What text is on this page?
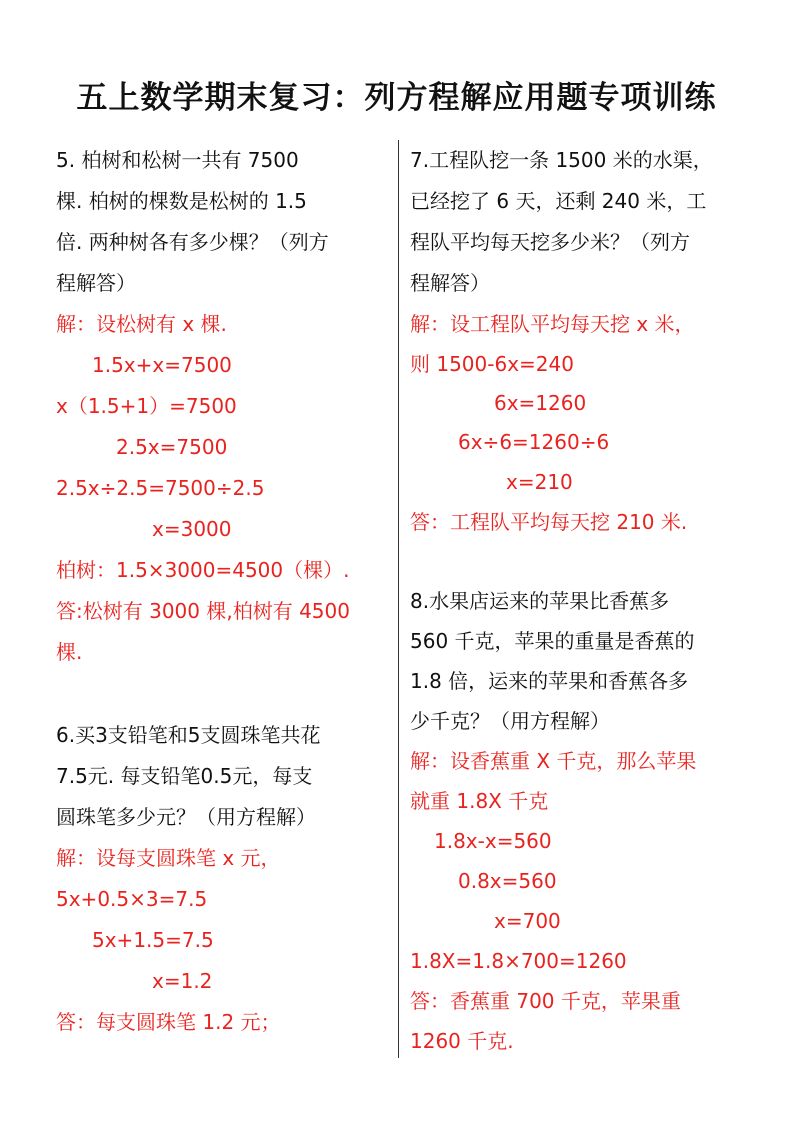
五上数学期末复习：列方程解应用题专项训练
5. 柏树和松树一共有 7500
棵. 柏树的棵数是松树的 1.5
倍. 两种树各有多少棵？（列方
程解答）
解：设松树有 x 棵.
1.5x+x=7500
x（1.5+1）=7500
2.5x=7500
2.5x÷2.5=7500÷2.5
x=3000
柏树：1.5×3000=4500（棵）.
答:松树有 3000 棵,柏树有 4500
棵.
6.买3支铅笔和5支圆珠笔共花
7.5元. 每支铅笔0.5元，每支
圆珠笔多少元？（用方程解）
解：设每支圆珠笔 x 元，
5x+0.5×3=7.5
5x+1.5=7.5
x=1.2
答：每支圆珠笔 1.2 元；
7.工程队挖一条 1500 米的水渠，
已经挖了 6 天，还剩 240 米，工
程队平均每天挖多少米？（列方
程解答）
解：设工程队平均每天挖 x 米，
则 1500-6x=240
6x=1260
6x÷6=1260÷6
x=210
答：工程队平均每天挖 210 米.
8.水果店运来的苹果比香蕉多
560 千克，苹果的重量是香蕉的
1.8 倍，运来的苹果和香蕉各多
少千克？（用方程解）
解：设香蕉重 X 千克，那么苹果
就重 1.8X 千克
1.8x-x=560
0.8x=560
x=700
1.8X=1.8×700=1260
答：香蕉重 700 千克，苹果重
1260 千克.
